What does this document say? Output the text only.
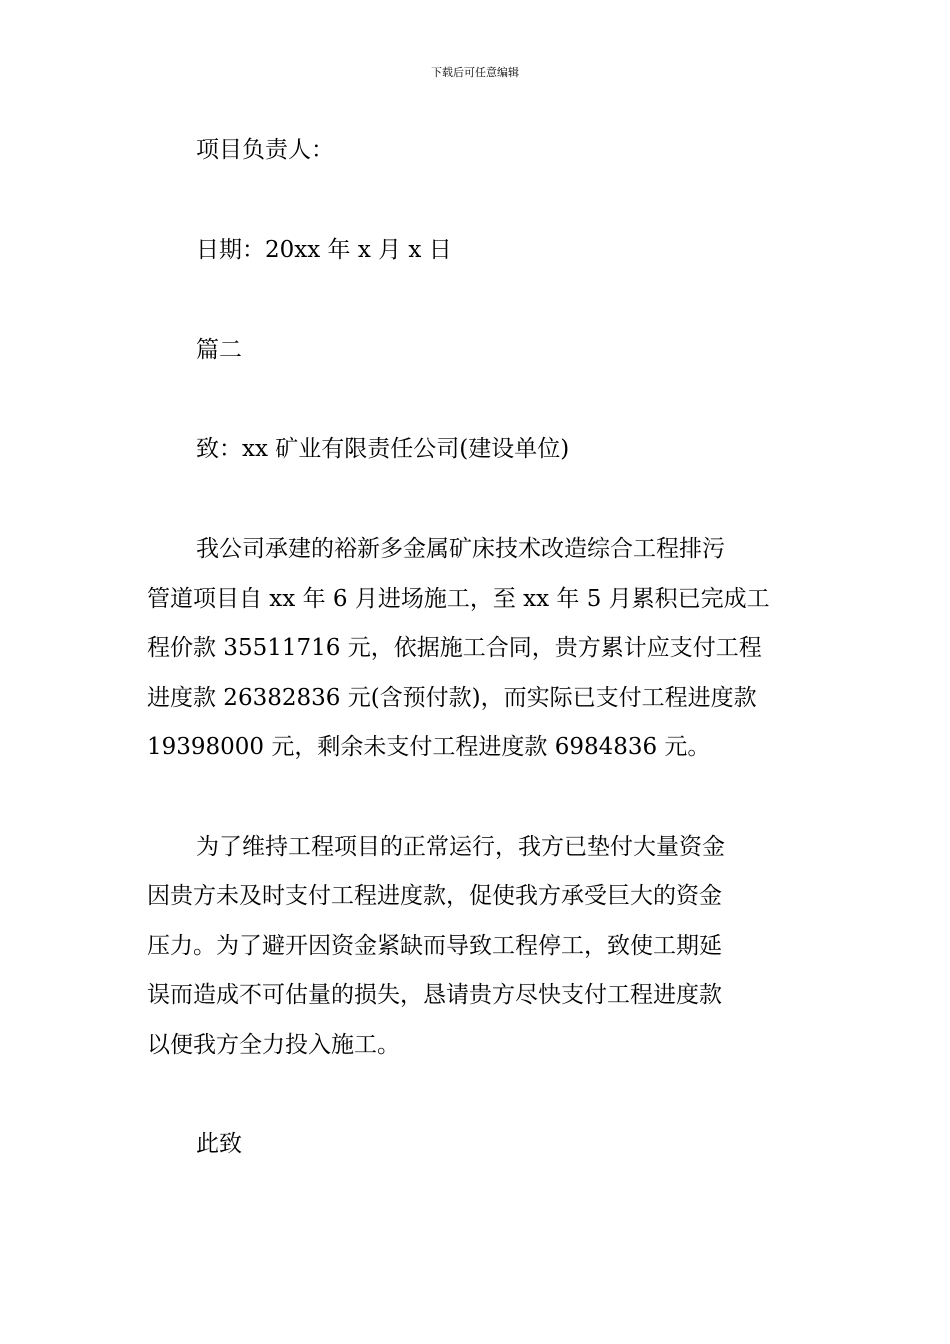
下载后可任意编辑
项目负责人：
日期：20xx 年 x 月 x 日
篇二
致：xx 矿业有限责任公司(建设单位)
我公司承建的裕新多金属矿床技术改造综合工程排污
管道项目自 xx 年 6 月进场施工，至 xx 年 5 月累积已完成工
程价款 35511716 元，依据施工合同，贵方累计应支付工程
进度款 26382836 元(含预付款)，而实际已支付工程进度款
19398000 元，剩余未支付工程进度款 6984836 元。
为了维持工程项目的正常运行，我方已垫付大量资金
因贵方未及时支付工程进度款，促使我方承受巨大的资金
压力。为了避开因资金紧缺而导致工程停工，致使工期延
误而造成不可估量的损失，恳请贵方尽快支付工程进度款
以便我方全力投入施工。
此致
